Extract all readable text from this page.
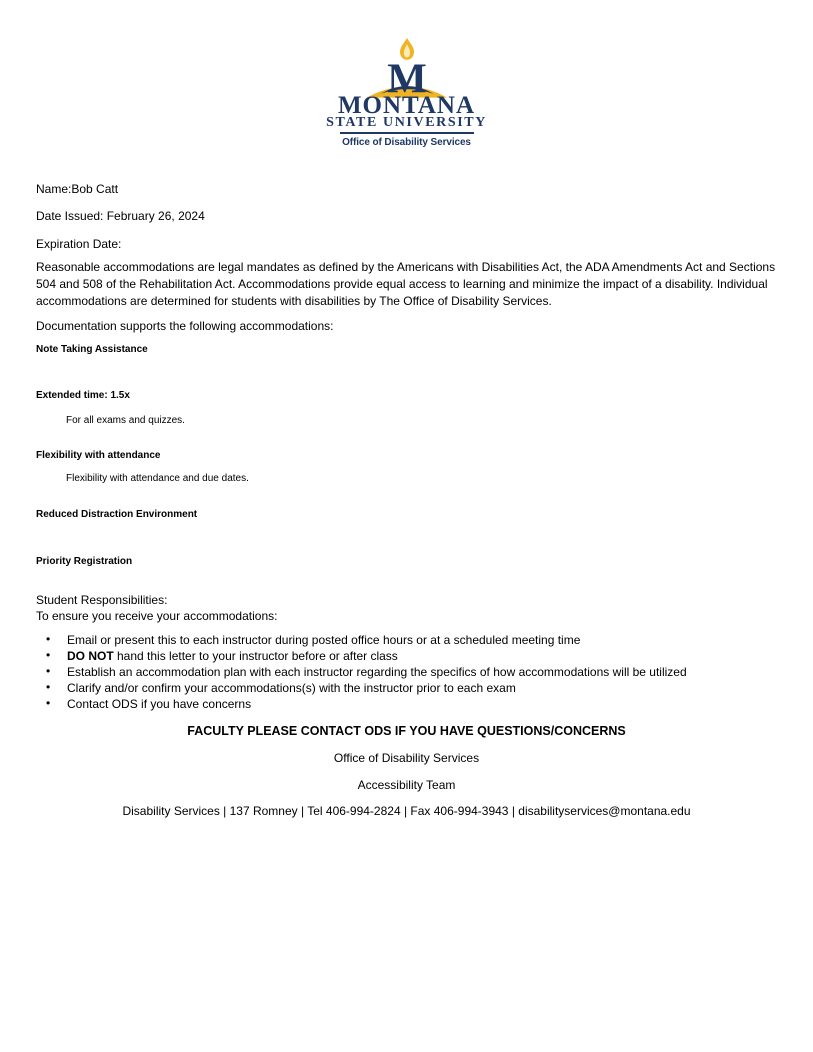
M
MONTANA
STATE UNIVERSITY
Office of Disability Services
Name:Bob Catt
Date Issued: February 26, 2024
Expiration Date:
Reasonable accommodations are legal mandates as defined by the Americans with Disabilities Act, the ADA Amendments Act and Sections 504 and 508 of the Rehabilitation Act. Accommodations provide equal access to learning and minimize the impact of a disability. Individual accommodations are determined for students with disabilities by The Office of Disability Services.
Documentation supports the following accommodations:
Note Taking Assistance
Extended time: 1.5x
For all exams and quizzes.
Flexibility with attendance
Flexibility with attendance and due dates.
Reduced Distraction Environment
Priority Registration
Student Responsibilities:
To ensure you receive your accommodations:
• Email or present this to each instructor during posted office hours or at a scheduled meeting time
• DO NOT hand this letter to your instructor before or after class
• Establish an accommodation plan with each instructor regarding the specifics of how accommodations will be utilized
• Clarify and/or confirm your accommodations(s) with the instructor prior to each exam
• Contact ODS if you have concerns
FACULTY PLEASE CONTACT ODS IF YOU HAVE QUESTIONS/CONCERNS
Office of Disability Services
Accessibility Team
Disability Services | 137 Romney | Tel 406-994-2824 | Fax 406-994-3943 | disabilityservices@montana.edu
